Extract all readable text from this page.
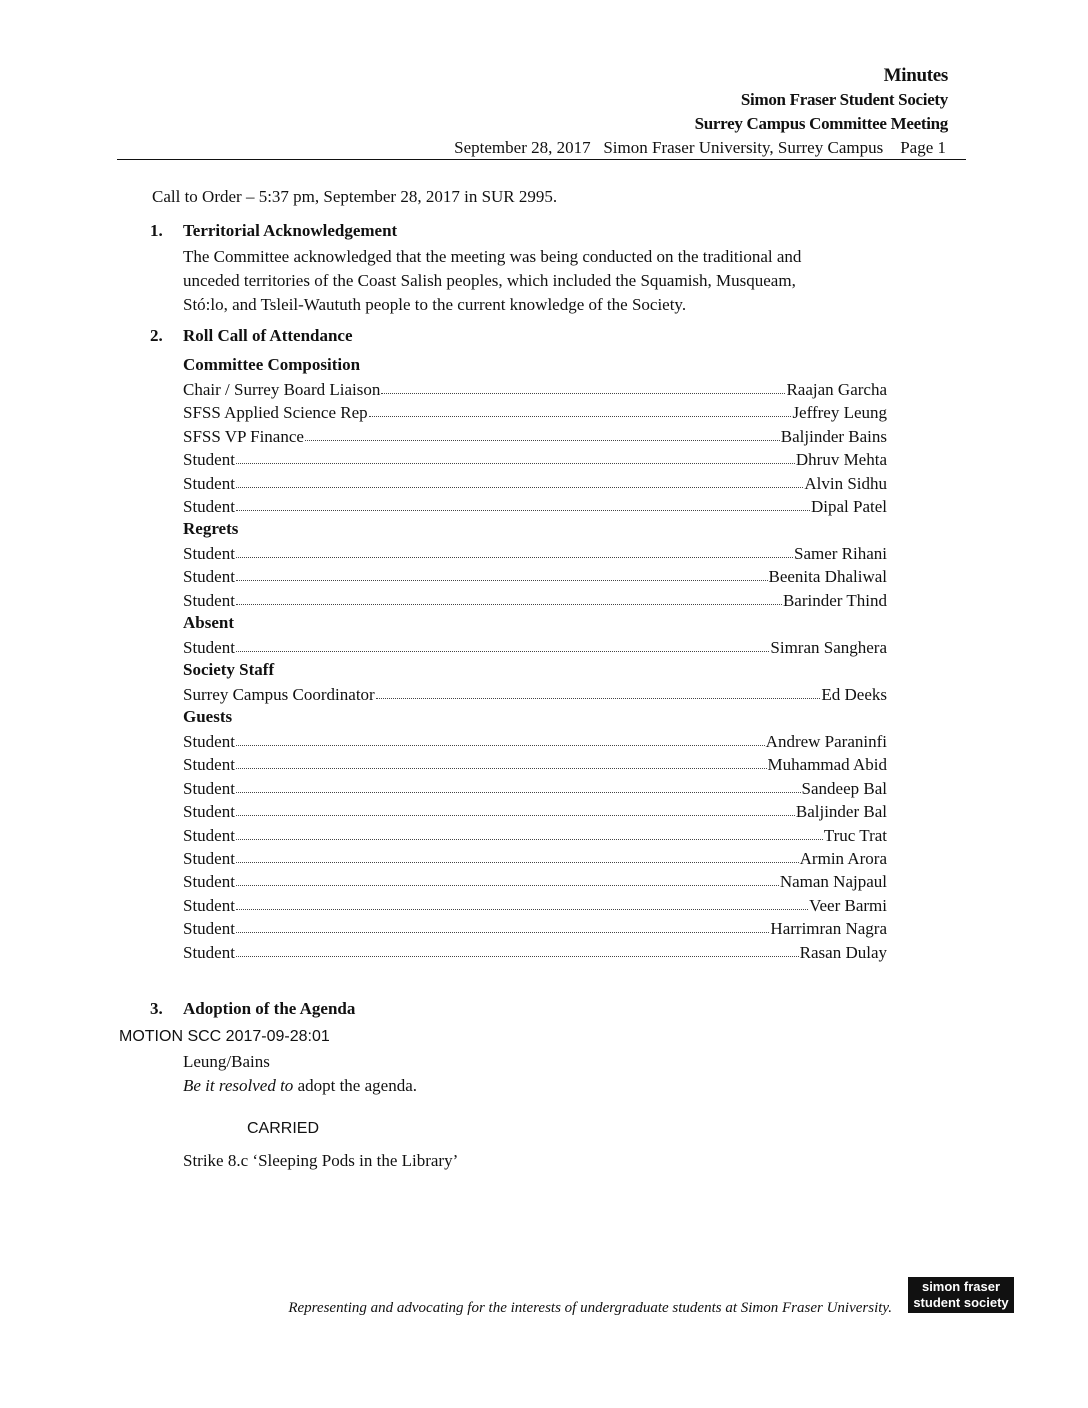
Minutes
Simon Fraser Student Society
Surrey Campus Committee Meeting
September 28, 2017   Simon Fraser University, Surrey Campus    Page 1
Call to Order – 5:37 pm, September 28, 2017 in SUR 2995.
1. Territorial Acknowledgement
The Committee acknowledged that the meeting was being conducted on the traditional and
unceded territories of the Coast Salish peoples, which included the Squamish, Musqueam,
Stó:lo, and Tsleil-Waututh people to the current knowledge of the Society.
2. Roll Call of Attendance
Committee Composition
Regrets
Absent
Society Staff
Guests
3. Adoption of the Agenda
MOTION SCC 2017-09-28:01
Leung/Bains
Be it resolved to adopt the agenda.
CARRIED
Strike 8.c ‘Sleeping Pods in the Library’
Representing and advocating for the interests of undergraduate students at Simon Fraser University.
simon fraser
student society
Chair / Surrey Board Liaison	Raajan Garcha
SFSS Applied Science Rep	Jeffrey Leung
SFSS VP Finance	Baljinder Bains
Student	Dhruv Mehta
Student	Alvin Sidhu
Student	Dipal Patel
Student	Samer Rihani
Student	Beenita Dhaliwal
Student	Barinder Thind
Student	Simran Sanghera
Surrey Campus Coordinator	Ed Deeks
Student	Andrew Paraninfi
Student	Muhammad Abid
Student	Sandeep Bal
Student	Baljinder Bal
Student	Truc Trat
Student	Armin Arora
Student	Naman Najpaul
Student	Veer Barmi
Student	Harrimran Nagra
Student	Rasan Dulay
